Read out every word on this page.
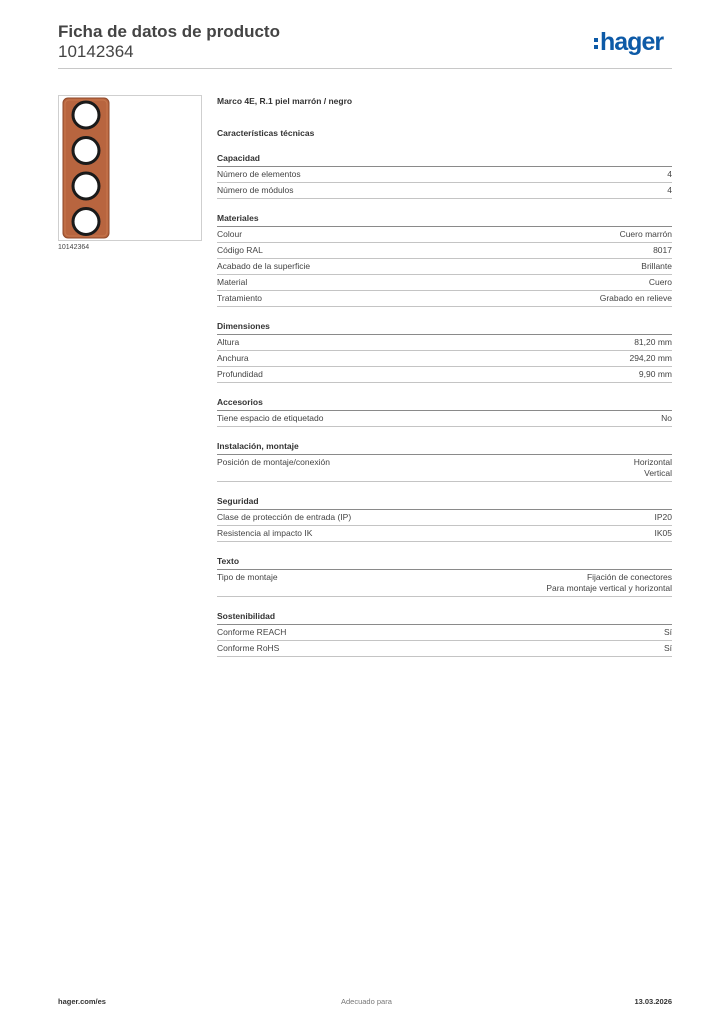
Ficha de datos de producto
10142364	hager
10142364
Marco 4E, R.1 piel marrón / negro
Características técnicas
Capacidad
Número de elementos	4
Número de módulos	4
Materiales
Colour	Cuero marrón
Código RAL	8017
Acabado de la superficie	Brillante
Material	Cuero
Tratamiento	Grabado en relieve
Dimensiones
Altura	81,20 mm
Anchura	294,20 mm
Profundidad	9,90 mm
Accesorios
Tiene espacio de etiquetado	No
Instalación, montaje
Posición de montaje/conexión	Horizontal
Vertical
Seguridad
Clase de protección de entrada (IP)	IP20
Resistencia al impacto IK	IK05
Texto
Tipo de montaje	Fijación de conectores
Para montaje vertical y horizontal
Sostenibilidad
Conforme REACH	Sí
Conforme RoHS	Sí
hager.com/es	Adecuado para	13.03.2026
